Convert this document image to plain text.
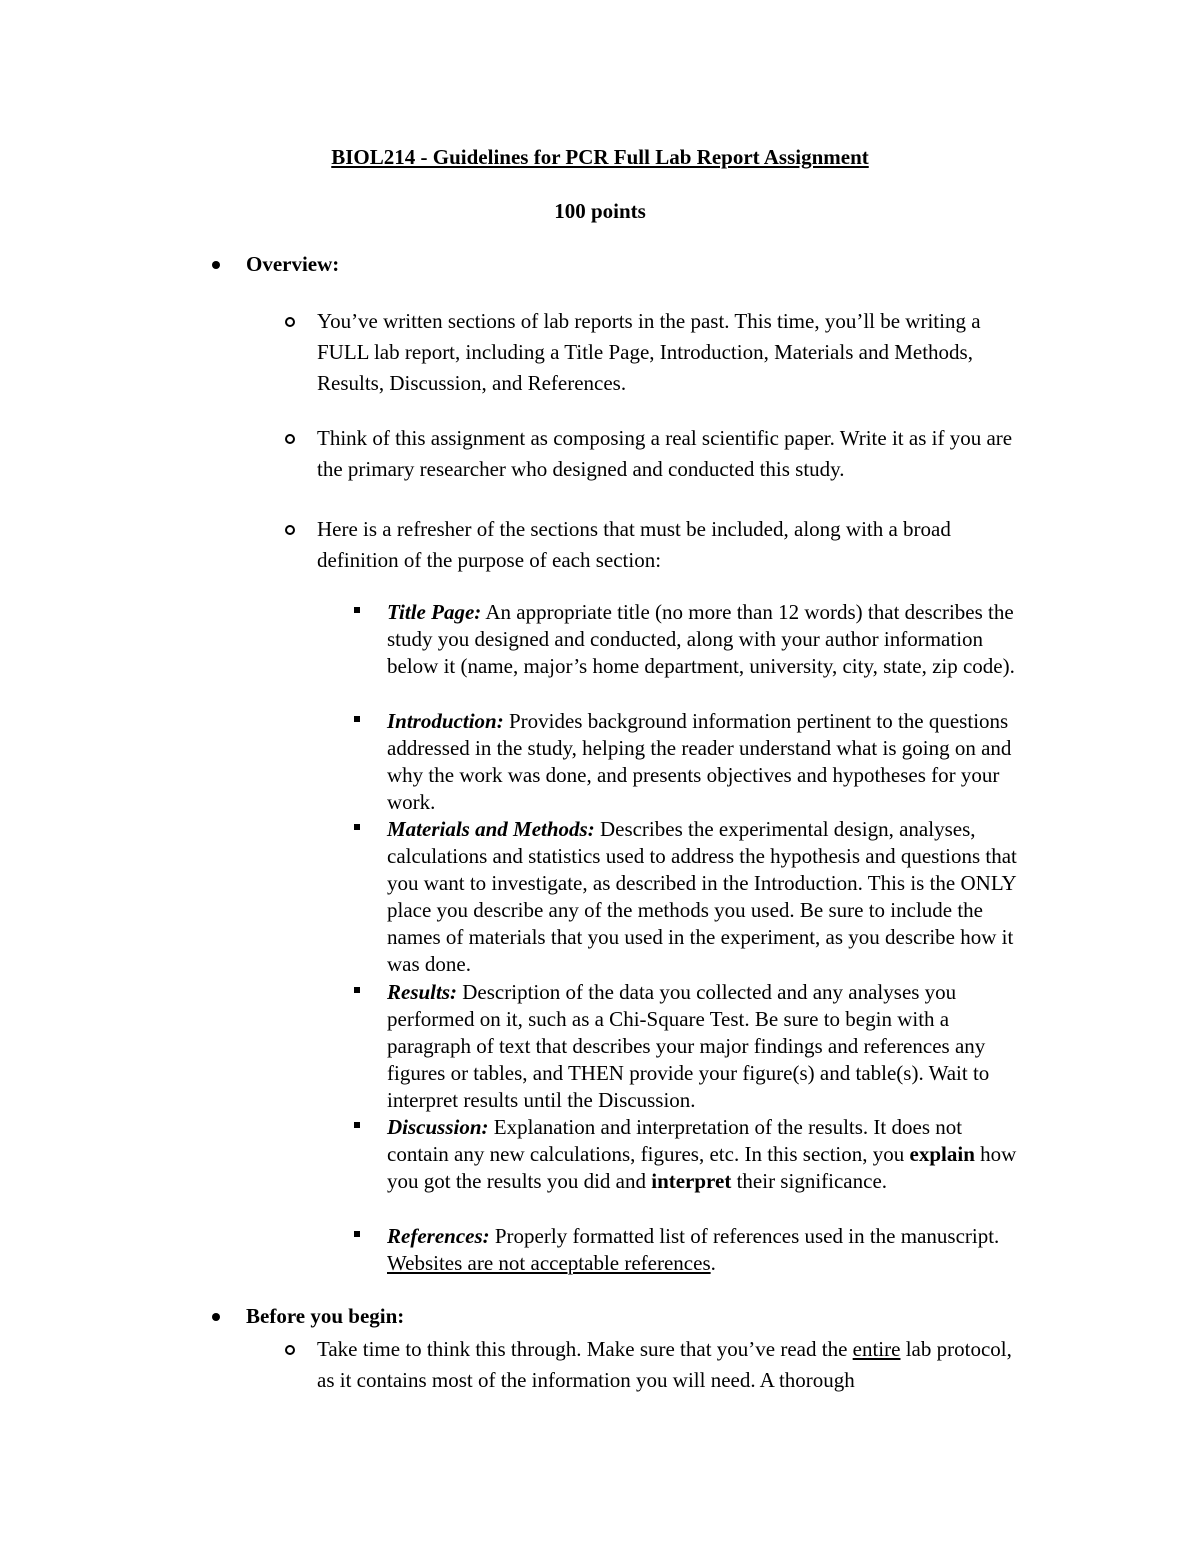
BIOL214 - Guidelines for PCR Full Lab Report Assignment
100 points
Overview:
You’ve written sections of lab reports in the past. This time, you’ll be writing a FULL lab report, including a Title Page, Introduction, Materials and Methods, Results, Discussion, and References.
Think of this assignment as composing a real scientific paper. Write it as if you are the primary researcher who designed and conducted this study.
Here is a refresher of the sections that must be included, along with a broad definition of the purpose of each section:
Title Page: An appropriate title (no more than 12 words) that describes the study you designed and conducted, along with your author information below it (name, major’s home department, university, city, state, zip code).
Introduction: Provides background information pertinent to the questions addressed in the study, helping the reader understand what is going on and why the work was done, and presents objectives and hypotheses for your work.
Materials and Methods: Describes the experimental design, analyses, calculations and statistics used to address the hypothesis and questions that you want to investigate, as described in the Introduction. This is the ONLY place you describe any of the methods you used. Be sure to include the names of materials that you used in the experiment, as you describe how it was done.
Results: Description of the data you collected and any analyses you performed on it, such as a Chi-Square Test. Be sure to begin with a paragraph of text that describes your major findings and references any figures or tables, and THEN provide your figure(s) and table(s). Wait to interpret results until the Discussion.
Discussion: Explanation and interpretation of the results. It does not contain any new calculations, figures, etc. In this section, you explain how you got the results you did and interpret their significance.
References: Properly formatted list of references used in the manuscript. Websites are not acceptable references.
Before you begin:
Take time to think this through. Make sure that you’ve read the entire lab protocol, as it contains most of the information you will need. A thorough
